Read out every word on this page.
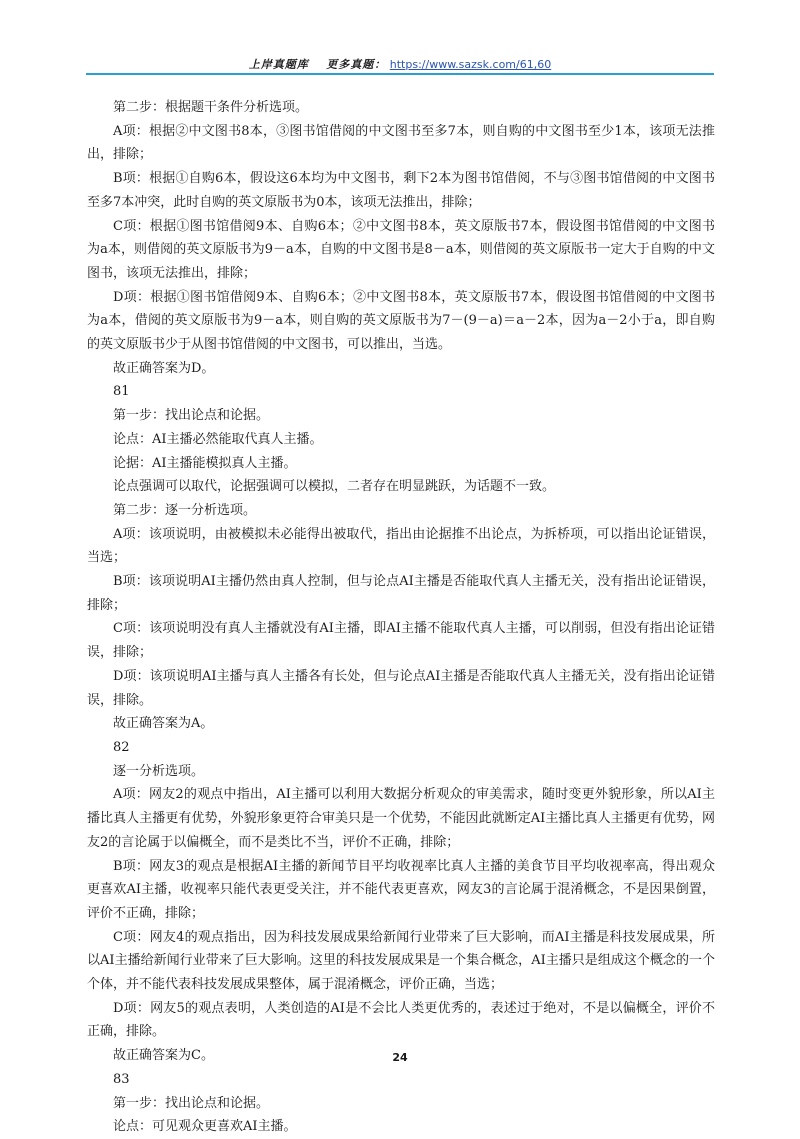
上岸真题库 更多真题： https://www.sazsk.com/61,60

第二步：根据题干条件分析选项。

A项：根据②中文图书8本，③图书馆借阅的中文图书至多7本，则自购的中文图书至少1本，该项无法推出，排除；

B项：根据①自购6本，假设这6本均为中文图书，剩下2本为图书馆借阅，不与③图书馆借阅的中文图书至多7本冲突，此时自购的英文原版书为0本，该项无法推出，排除；

C项：根据①图书馆借阅9本、自购6本；②中文图书8本，英文原版书7本，假设图书馆借阅的中文图书为a本，则借阅的英文原版书为9－a本，自购的中文图书是8－a本，则借阅的英文原版书一定大于自购的中文图书，该项无法推出，排除；

D项：根据①图书馆借阅9本、自购6本；②中文图书8本，英文原版书7本，假设图书馆借阅的中文图书为a本，借阅的英文原版书为9－a本，则自购的英文原版书为7－(9－a)＝a－2本，因为a－2小于a，即自购的英文原版书少于从图书馆借阅的中文图书，可以推出，当选。

故正确答案为D。

81

第一步：找出论点和论据。

论点：AI主播必然能取代真人主播。

论据：AI主播能模拟真人主播。

论点强调可以取代，论据强调可以模拟，二者存在明显跳跃，为话题不一致。

第二步：逐一分析选项。

A项：该项说明，由被模拟未必能得出被取代，指出由论据推不出论点，为拆桥项，可以指出论证错误，当选；

B项：该项说明AI主播仍然由真人控制，但与论点AI主播是否能取代真人主播无关，没有指出论证错误，排除；

C项：该项说明没有真人主播就没有AI主播，即AI主播不能取代真人主播，可以削弱，但没有指出论证错误，排除；

D项：该项说明AI主播与真人主播各有长处，但与论点AI主播是否能取代真人主播无关，没有指出论证错误，排除。

故正确答案为A。

82

逐一分析选项。

A项：网友2的观点中指出，AI主播可以利用大数据分析观众的审美需求，随时变更外貌形象，所以AI主播比真人主播更有优势，外貌形象更符合审美只是一个优势，不能因此就断定AI主播比真人主播更有优势，网友2的言论属于以偏概全，而不是类比不当，评价不正确，排除；

B项：网友3的观点是根据AI主播的新闻节目平均收视率比真人主播的美食节目平均收视率高，得出观众更喜欢AI主播，收视率只能代表更受关注，并不能代表更喜欢，网友3的言论属于混淆概念，不是因果倒置，评价不正确，排除；

C项：网友4的观点指出，因为科技发展成果给新闻行业带来了巨大影响，而AI主播是科技发展成果，所以AI主播给新闻行业带来了巨大影响。这里的科技发展成果是一个集合概念，AI主播只是组成这个概念的一个个体，并不能代表科技发展成果整体，属于混淆概念，评价正确，当选；

D项：网友5的观点表明，人类创造的AI是不会比人类更优秀的，表述过于绝对，不是以偏概全，评价不正确，排除。

故正确答案为C。

83

第一步：找出论点和论据。

论点：可见观众更喜欢AI主播。

24
